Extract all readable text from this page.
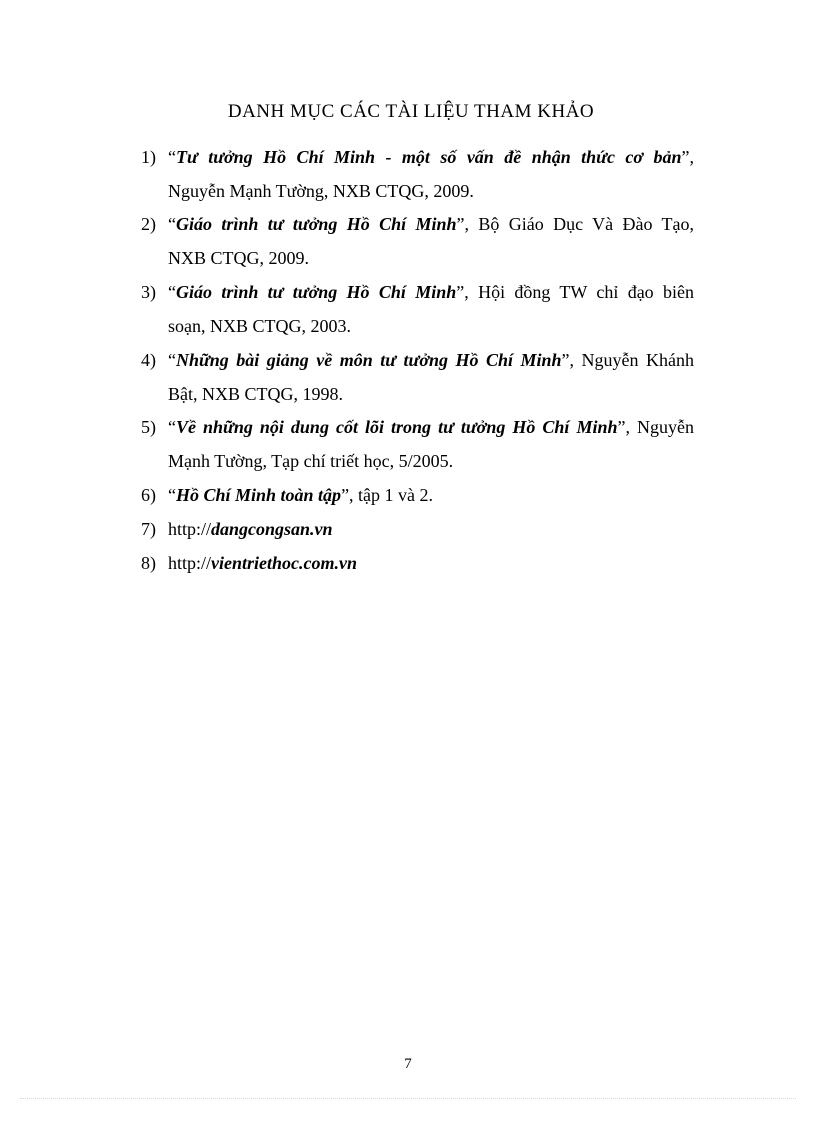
DANH MỤC CÁC TÀI LIỆU THAM KHẢO
1) “Tư tưởng Hồ Chí Minh - một số vấn đề nhận thức cơ bản”,
Nguyễn Mạnh Tường, NXB CTQG, 2009.
2) “Giáo trình tư tưởng Hồ Chí Minh”, Bộ Giáo Dục Và Đào Tạo,
NXB CTQG, 2009.
3) “Giáo trình tư tưởng Hồ Chí Minh”, Hội đồng TW chỉ đạo biên
soạn, NXB CTQG, 2003.
4) “Những bài giảng về môn tư tưởng Hồ Chí Minh”, Nguyễn Khánh
Bật, NXB CTQG, 1998.
5) “Về những nội dung cốt lõi trong tư tưởng Hồ Chí Minh”, Nguyễn
Mạnh Tường, Tạp chí triết học, 5/2005.
6) “Hồ Chí Minh toàn tập”, tập 1 và 2.
7) http://dangcongsan.vn
8) http://vientriethoc.com.vn
7
